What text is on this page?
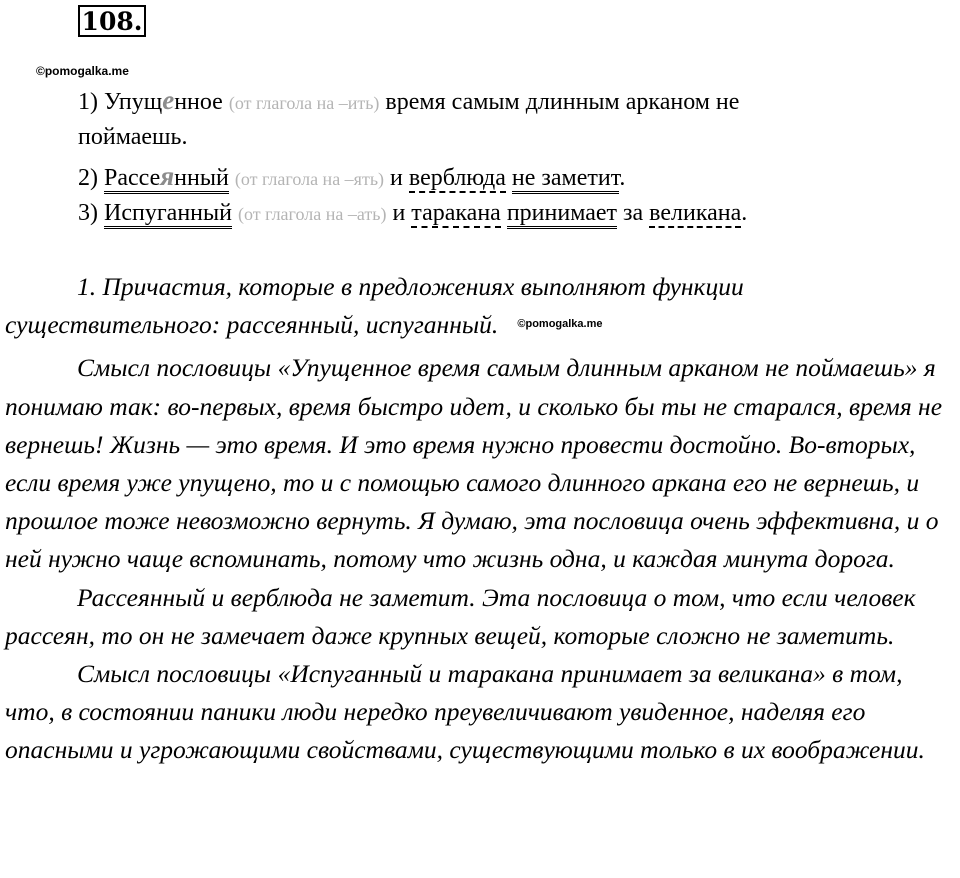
108.
©pomogalka.me
1) Упущенное (от глагола на –ить) время самым длинным арканом не
поймаешь.
2) Рассеянный (от глагола на –ять) и верблюда не заметит.
3) Испуганный (от глагола на –ать) и таракана принимает за великана.

1. Причастия, которые в предложениях выполняют функции существительного: рассеянный, испуганный. $^{©pomogalka.me}$

Смысл пословицы «Упущенное время самым длинным арканом не поймаешь» я понимаю так: во-первых, время быстро идет, и сколько бы ты не старался, время не вернешь! Жизнь — это время. И это время нужно провести достойно. Во-вторых, если время уже упущено, то и с помощью самого длинного аркана его не вернешь, и прошлое тоже невозможно вернуть. Я думаю, эта пословица очень эффективна, и о ней нужно чаще вспоминать, потому что жизнь одна, и каждая минута дорога.

Рассеянный и верблюда не заметит. Эта пословица о том, что если человек рассеян, то он не замечает даже крупных вещей, которые сложно не заметить.

Смысл пословицы «Испуганный и таракана принимает за великана» в том, что, в состоянии паники люди нередко преувеличивают увиденное, наделяя его опасными и угрожающими свойствами, существующими только в их воображении.
